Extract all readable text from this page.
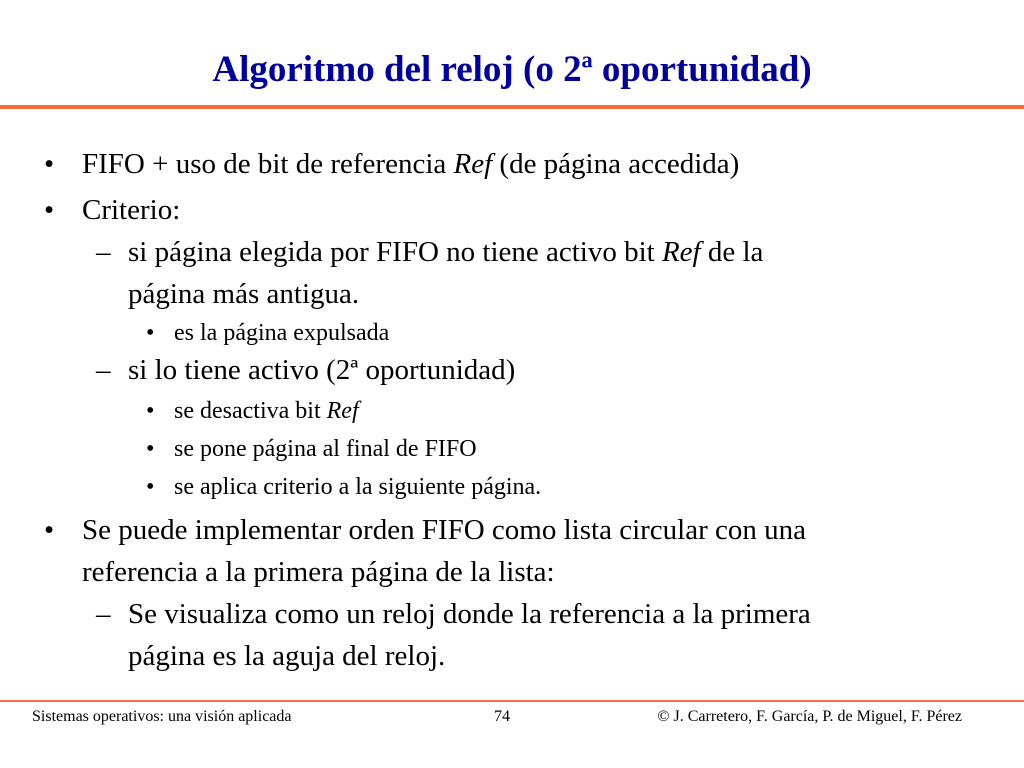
Algoritmo del reloj (o 2ª oportunidad)
• FIFO + uso de bit de referencia Ref (de página accedida)
• Criterio:
– si página elegida por FIFO no tiene activo bit Ref de la
página más antigua.
• es la página expulsada
– si lo tiene activo (2ª oportunidad)
• se desactiva bit Ref
• se pone página al final de FIFO
• se aplica criterio a la siguiente página.
• Se puede implementar orden FIFO como lista circular con una
referencia a la primera página de la lista:
– Se visualiza como un reloj donde la referencia a la primera
página es la aguja del reloj.
Sistemas operativos: una visión aplicada	74	© J. Carretero, F. García, P. de Miguel, F. Pérez
